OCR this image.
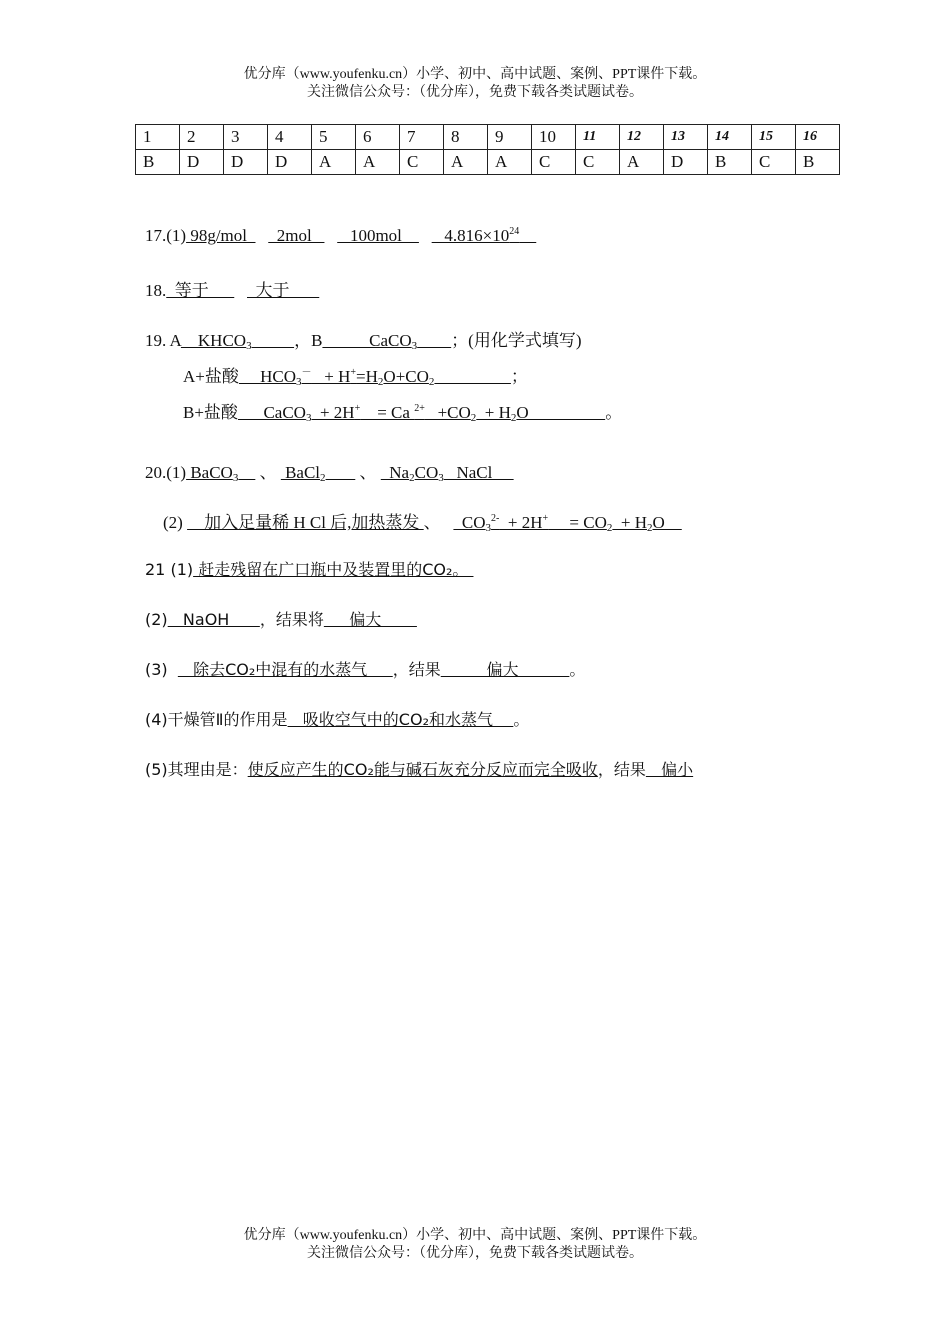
优分库（www.youfenku.cn）小学、初中、高中试题、案例、PPT课件下载。
关注微信公众号：（优分库），免费下载各类试题试卷。
1	2	3	4	5	6	7	8	9	10	11	12	13	14	15	16
B	D	D	D	A	A	C	A	A	C	C	A	D	B	C	B
17.(1) 98g/mol       2mol         100mol          $4.816\times 10^{24}$
18.  等于           大于
19. A    $KHCO_3$	，B           CaCO$_3$ ；(用化学式填写)
A+盐酸     $HCO_3^- + H^+=H_2O+CO_2$	；
B+盐酸      CaCO$_3$  + 2H+    = Ca $^{2+} +CO_2 + H_2O$                  。
20.(1) BaCO$_3$     、  BaCl$_2$        、   $Na_2CO_3$   NaCl
(2)     加入足量稀 H Cl 后,加热蒸发 、     $CO_3^{2-} + 2H^+$     = $CO_2 + H_2O$
21 (1) 赶走残留在广口瓶中及装置里的CO₂。
(2)   NaOH      ，结果将     偏大
(3)     除去CO₂中混有的水蒸气     ，结果         偏大          。
(4)干燥管Ⅱ的作用是   吸收空气中的CO₂和水蒸气    。
(5)其理由是：使反应产生的CO₂能与碱石灰充分反应而完全吸收，结果   偏小
优分库（www.youfenku.cn）小学、初中、高中试题、案例、PPT课件下载。
关注微信公众号：（优分库），免费下载各类试题试卷。
